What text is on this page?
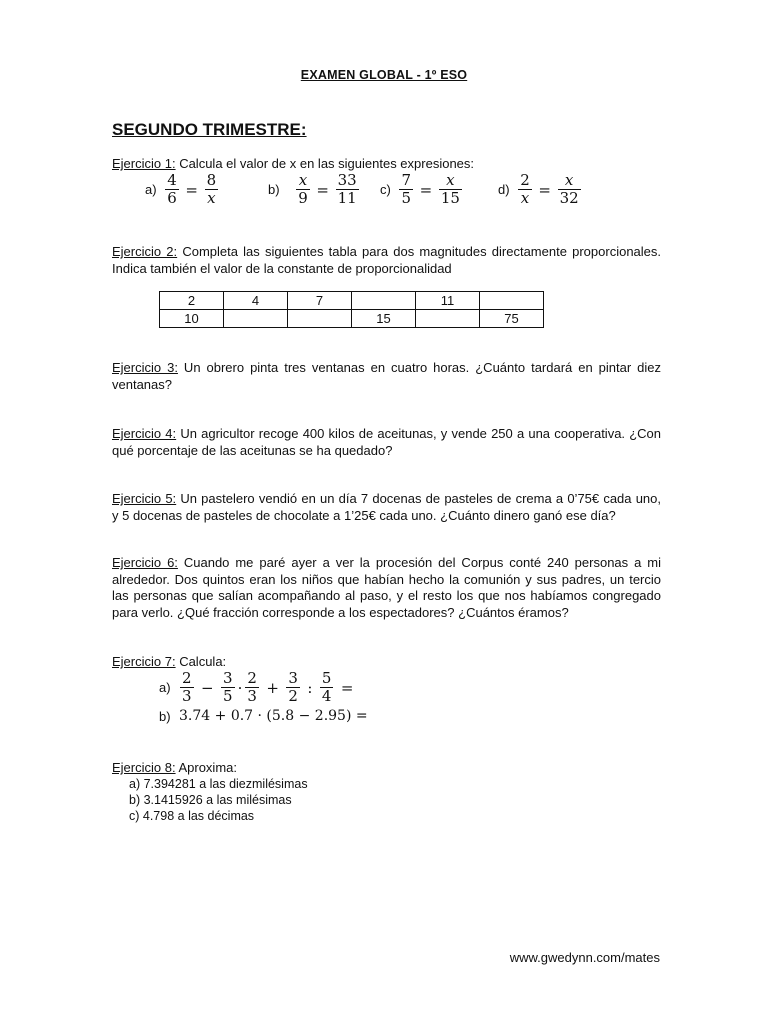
EXAMEN GLOBAL - 1º ESO
SEGUNDO TRIMESTRE:
Ejercicio 1: Calcula el valor de x en las siguientes expresiones:
$a) \frac{4}{6} = \frac{8}{x}$	$b) \frac{x}{9} = \frac{33}{11} c) \frac{7}{5} = \frac{x}{15}$	$d) \frac{2}{x} = \frac{x}{32}$
Ejercicio 2: Completa las siguientes tabla para dos magnitudes directamente proporcionales. Indica también el valor de la constante de proporcionalidad
2	4	7		11	
10			15		75
Ejercicio 3: Un obrero pinta tres ventanas en cuatro horas. ¿Cuánto tardará en pintar diez ventanas?
Ejercicio 4: Un agricultor recoge 400 kilos de aceitunas, y vende 250 a una cooperativa. ¿Con qué porcentaje de las aceitunas se ha quedado?
Ejercicio 5: Un pastelero vendió en un día 7 docenas de pasteles de crema a 0’75€ cada uno, y 5 docenas de pasteles de chocolate a 1’25€ cada uno. ¿Cuánto dinero ganó ese día?
Ejercicio 6: Cuando me paré ayer a ver la procesión del Corpus conté 240 personas a mi alrededor. Dos quintos eran los niños que habían hecho la comunión y sus padres, un tercio las personas que salían acompañando al paso, y el resto los que nos habíamos congregado para verlo. ¿Qué fracción corresponde a los espectadores? ¿Cuántos éramos?
Ejercicio 7: Calcula:
$a) \frac{2}{3} - \frac{3}{5} \cdot \frac{2}{3} + \frac{3}{2}$ : $\frac{5}{4}$ =
b) 3.74 + 0.7 · (5.8 − 2.95) =
Ejercicio 8: Aproxima:
a) 7.394281 a las diezmilésimas
b) 3.1415926 a las milésimas
c) 4.798 a las décimas
www.gwedynn.com/mates
